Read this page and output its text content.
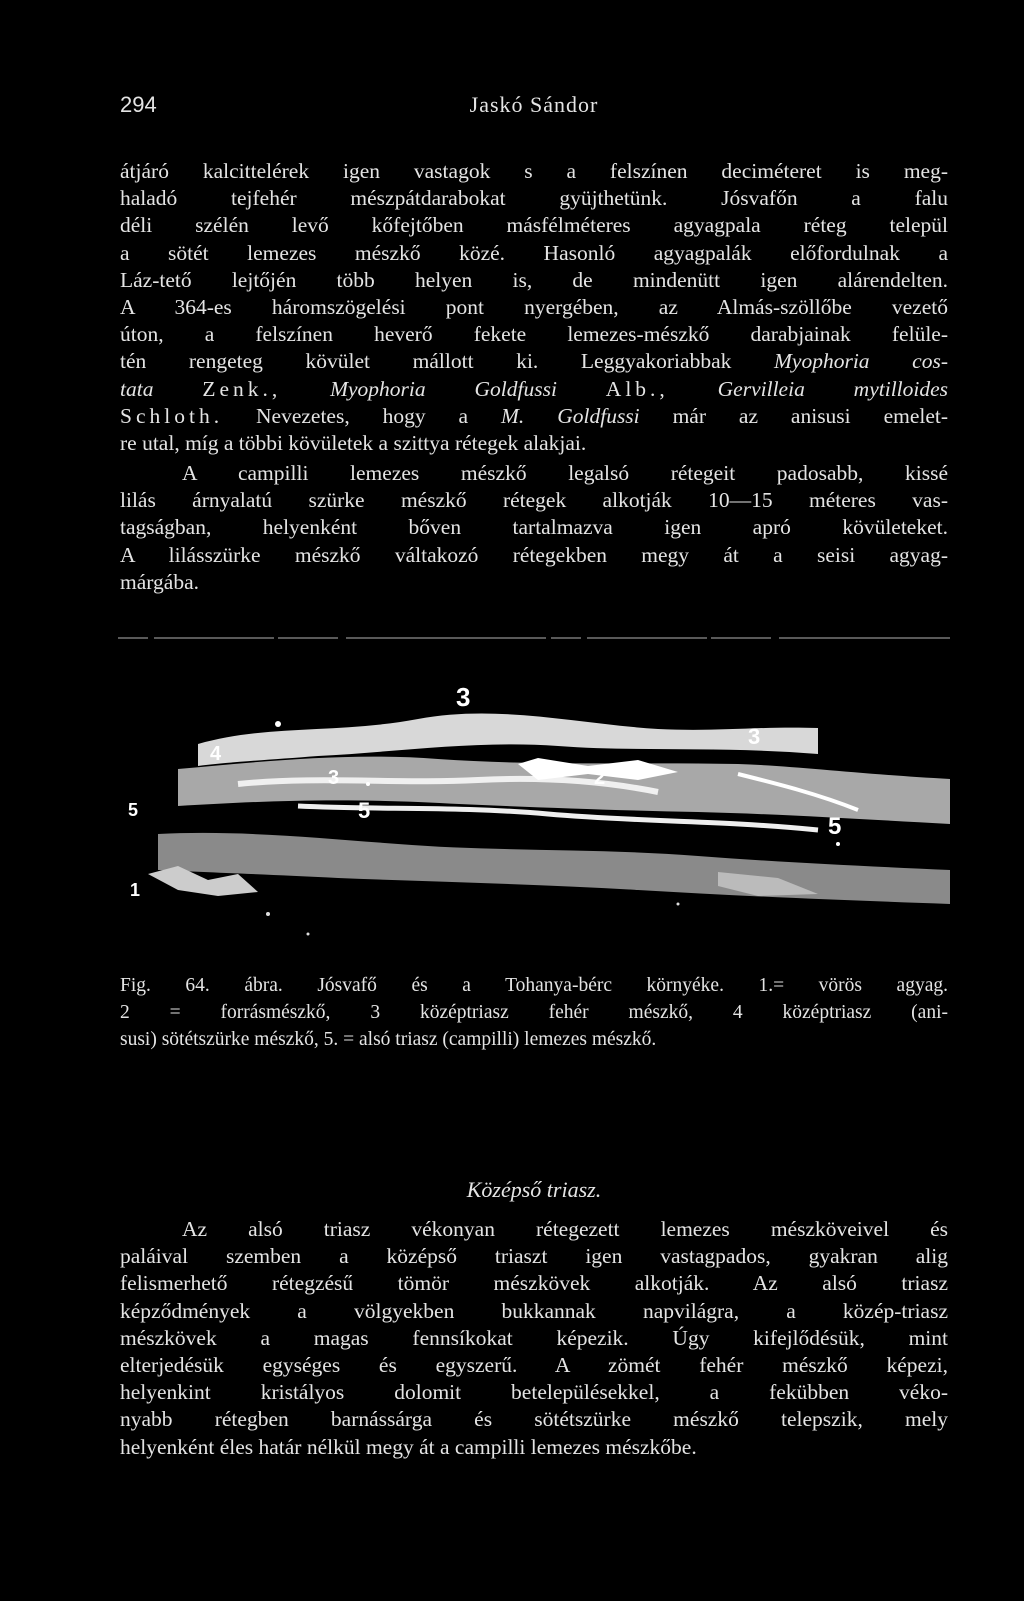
294	Jaskó Sándor
átjáró kalcittelérek igen vastagok s a felszínen deciméteret is meg-
haladó tejfehér mészpátdarabokat gyüjthetünk. Jósvafőn a falu
déli szélén levő kőfejtőben másfélméteres agyagpala réteg települ
a sötét lemezes mészkő közé. Hasonló agyagpalák előfordulnak a
Láz-tető lejtőjén több helyen is, de mindenütt igen alárendelten.
A 364-es háromszögelési pont nyergében, az Almás-szöllőbe vezető
úton, a felszínen heverő fekete lemezes-mészkő darabjainak felüle-
tén rengeteg kövület mállott ki. Leggyakoriabbak Myophoria cos-
tata Zenk., Myophoria Goldfussi Alb., Gervilleia mytilloides
Schloth. Nevezetes, hogy a M. Goldfussi már az anisusi emelet-
re utal, míg a többi kövületek a szittya rétegek alakjai.
A campilli lemezes mészkő legalsó rétegeit padosabb, kissé
lilás árnyalatú szürke mészkő rétegek alkotják 10—15 méteres vas-
tagságban, helyenként bőven tartalmazva igen apró kövületeket.
A lilásszürke mészkő váltakozó rétegekben megy át a seisi agyag-
márgába.
3
3
3	2
4
5
5
5
1
Fig. 64. ábra. Jósvafő és a Tohanya-bérc környéke. 1.= vörös agyag.
2 = forrásmészkő, 3 középtriasz fehér mészkő, 4 középtriasz (ani-
susi) sötétszürke mészkő, 5. = alsó triasz (campilli) lemezes mészkő.
Középső triasz.
Az alsó triasz vékonyan rétegezett lemezes mészköveivel és
paláival szemben a középső triaszt igen vastagpados, gyakran alig
felismerhető rétegzésű tömör mészkövek alkotják. Az alsó triasz
képződmények a völgyekben bukkannak napvilágra, a közép-triasz
mészkövek a magas fennsíkokat képezik. Úgy kifejlődésük, mint
elterjedésük egységes és egyszerű. A zömét fehér mészkő képezi,
helyenkint kristályos dolomit betelepülésekkel, a fekübben véko-
nyabb rétegben barnássárga és sötétszürke mészkő telepszik, mely
helyenként éles határ nélkül megy át a campilli lemezes mészkőbe.
